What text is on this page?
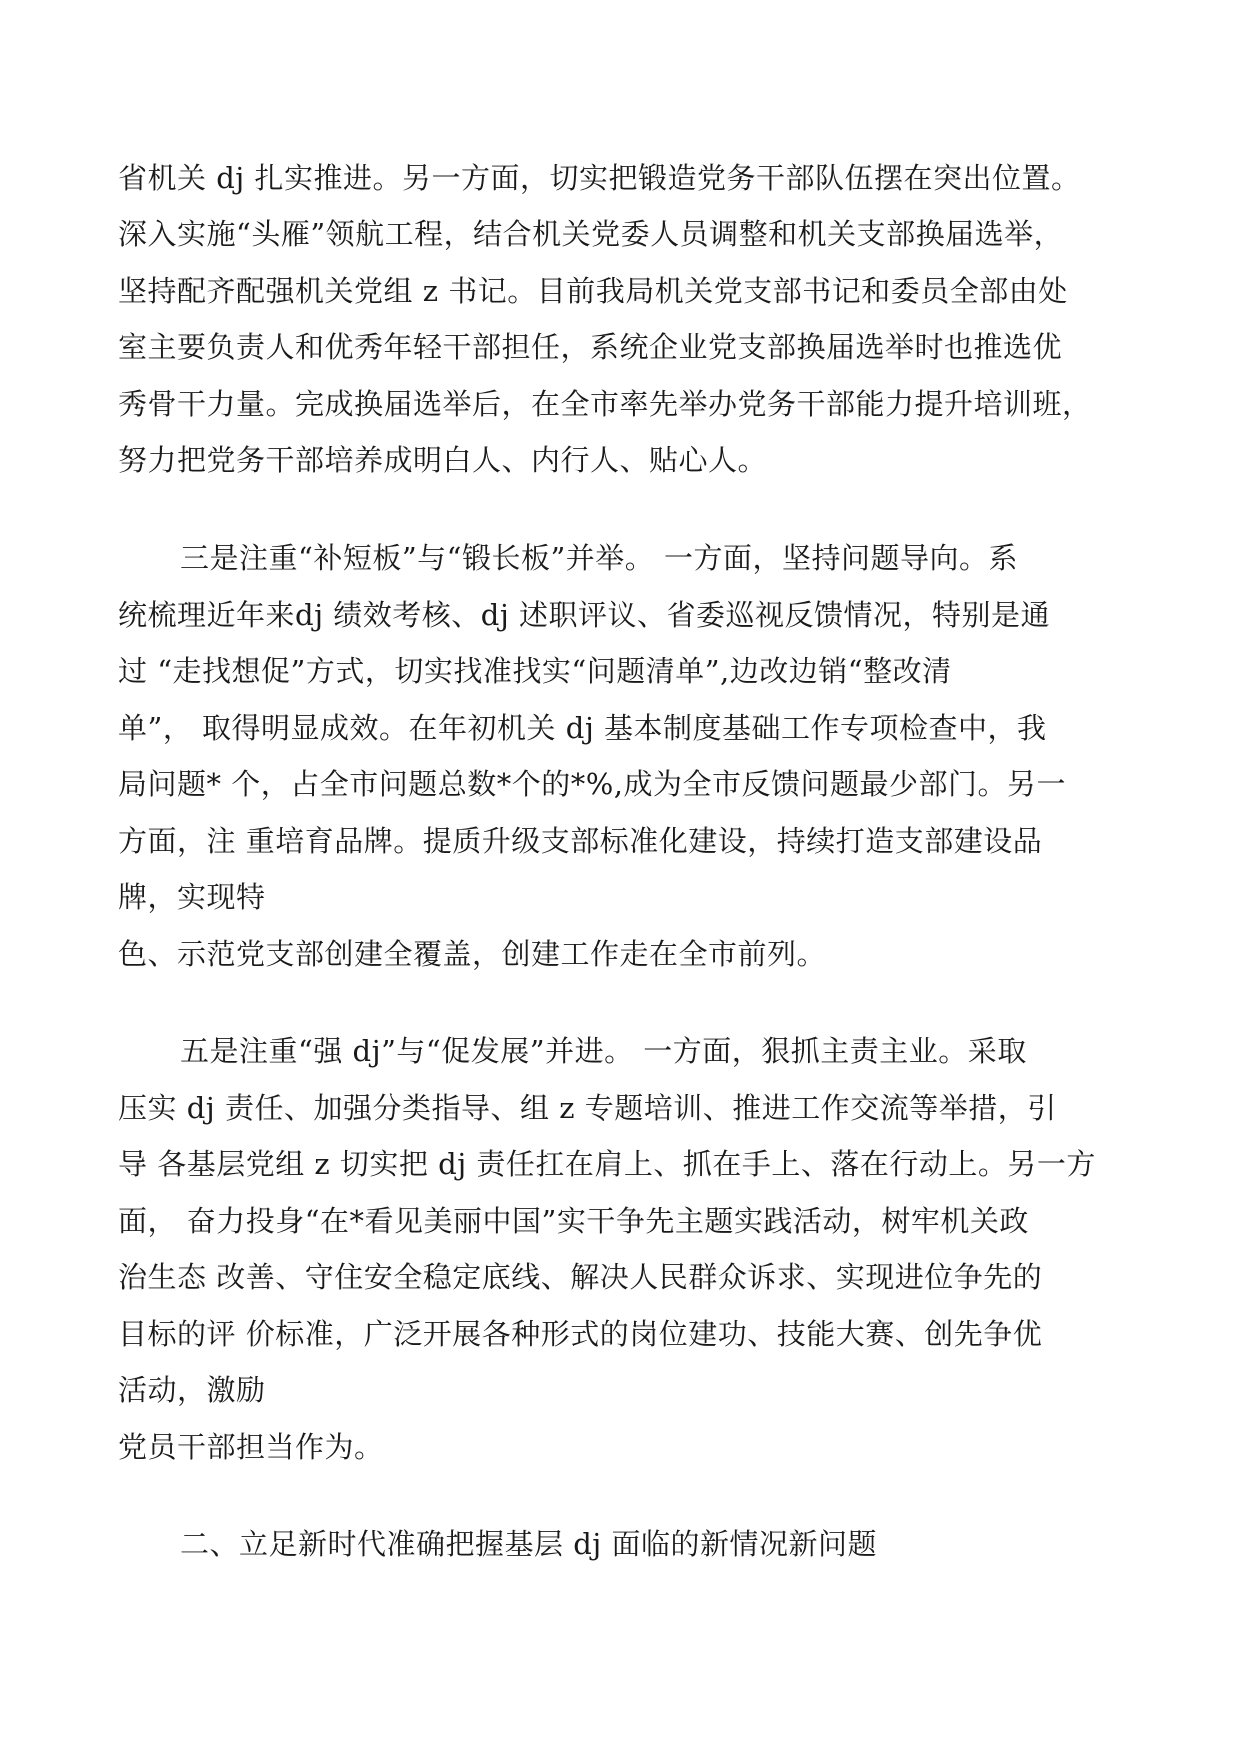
省机关 dj 扎实推进。另一方面，切实把锻造党务干部队伍摆在突出位置。
深入实施“头雁”领航工程，结合机关党委人员调整和机关支部换届选举，
坚持配齐配强机关党组 z 书记。目前我局机关党支部书记和委员全部由处
室主要负责人和优秀年轻干部担任，系统企业党支部换届选举时也推选优
秀骨干力量。完成换届选举后，在全市率先举办党务干部能力提升培训班，
努力把党务干部培养成明白人、内行人、贴心人。
三是注重“补短板”与“锻长板”并举。 一方面，坚持问题导向。系
统梳理近年来dj 绩效考核、dj 述职评议、省委巡视反馈情况，特别是通
过 “走找想促”方式，切实找准找实“问题清单”,边改边销“整改清
单”， 取得明显成效。在年初机关 dj 基本制度基础工作专项检查中，我
局问题* 个，占全市问题总数*个的*%,成为全市反馈问题最少部门。另一
方面，注 重培育品牌。提质升级支部标准化建设，持续打造支部建设品
牌，实现特
色、示范党支部创建全覆盖，创建工作走在全市前列。
五是注重“强 dj”与“促发展”并进。 一方面，狠抓主责主业。采取
压实 dj 责任、加强分类指导、组 z 专题培训、推进工作交流等举措，引
导 各基层党组 z 切实把 dj 责任扛在肩上、抓在手上、落在行动上。另一方
面， 奋力投身“在*看见美丽中国”实干争先主题实践活动，树牢机关政
治生态 改善、守住安全稳定底线、解决人民群众诉求、实现进位争先的
目标的评 价标准，广泛开展各种形式的岗位建功、技能大赛、创先争优
活动，激励
党员干部担当作为。
二、立足新时代准确把握基层 dj 面临的新情况新问题
